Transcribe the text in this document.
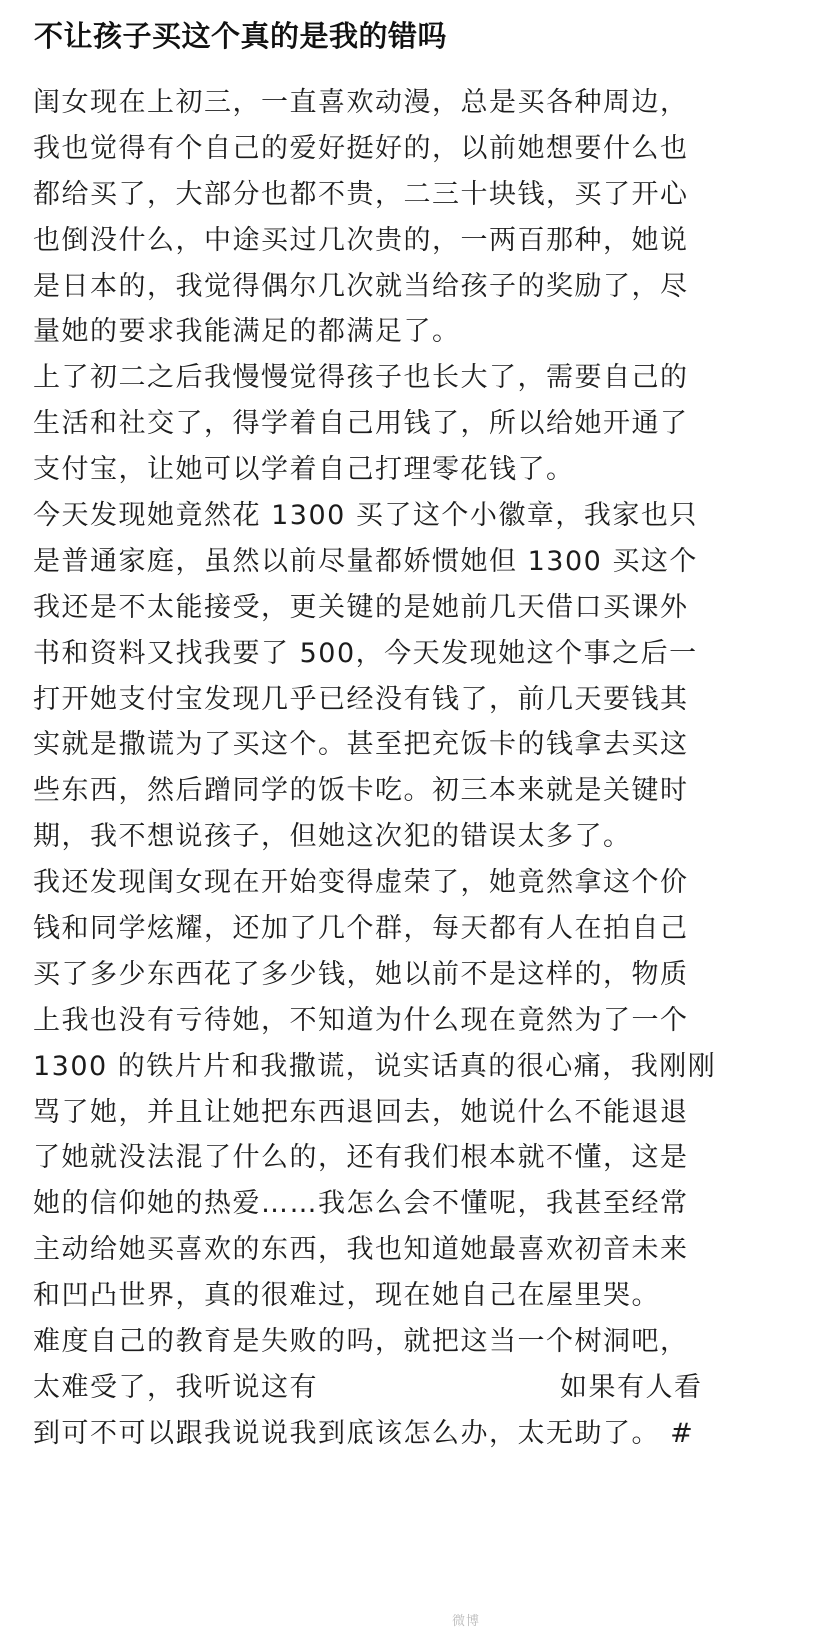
不让孩子买这个真的是我的错吗
闺女现在上初三，一直喜欢动漫，总是买各种周边，
我也觉得有个自己的爱好挺好的，以前她想要什么也
都给买了，大部分也都不贵，二三十块钱，买了开心
也倒没什么，中途买过几次贵的，一两百那种，她说
是日本的，我觉得偶尔几次就当给孩子的奖励了，尽
量她的要求我能满足的都满足了。
上了初二之后我慢慢觉得孩子也长大了，需要自己的
生活和社交了，得学着自己用钱了，所以给她开通了
支付宝，让她可以学着自己打理零花钱了。
今天发现她竟然花 1300 买了这个小徽章，我家也只
是普通家庭，虽然以前尽量都娇惯她但 1300 买这个
我还是不太能接受，更关键的是她前几天借口买课外
书和资料又找我要了 500，今天发现她这个事之后一
打开她支付宝发现几乎已经没有钱了，前几天要钱其
实就是撒谎为了买这个。甚至把充饭卡的钱拿去买这
些东西，然后蹭同学的饭卡吃。初三本来就是关键时
期，我不想说孩子，但她这次犯的错误太多了。
我还发现闺女现在开始变得虚荣了，她竟然拿这个价
钱和同学炫耀，还加了几个群，每天都有人在拍自己
买了多少东西花了多少钱，她以前不是这样的，物质
上我也没有亏待她，不知道为什么现在竟然为了一个
1300 的铁片片和我撒谎，说实话真的很心痛，我刚刚
骂了她，并且让她把东西退回去，她说什么不能退退
了她就没法混了什么的，还有我们根本就不懂，这是
她的信仰她的热爱……我怎么会不懂呢，我甚至经常
主动给她买喜欢的东西，我也知道她最喜欢初音未来
和凹凸世界，真的很难过，现在她自己在屋里哭。
难度自己的教育是失败的吗，就把这当一个树洞吧，
太难受了，我听说这有	如果有人看
到可不可以跟我说说我到底该怎么办，太无助了。 #
微博
